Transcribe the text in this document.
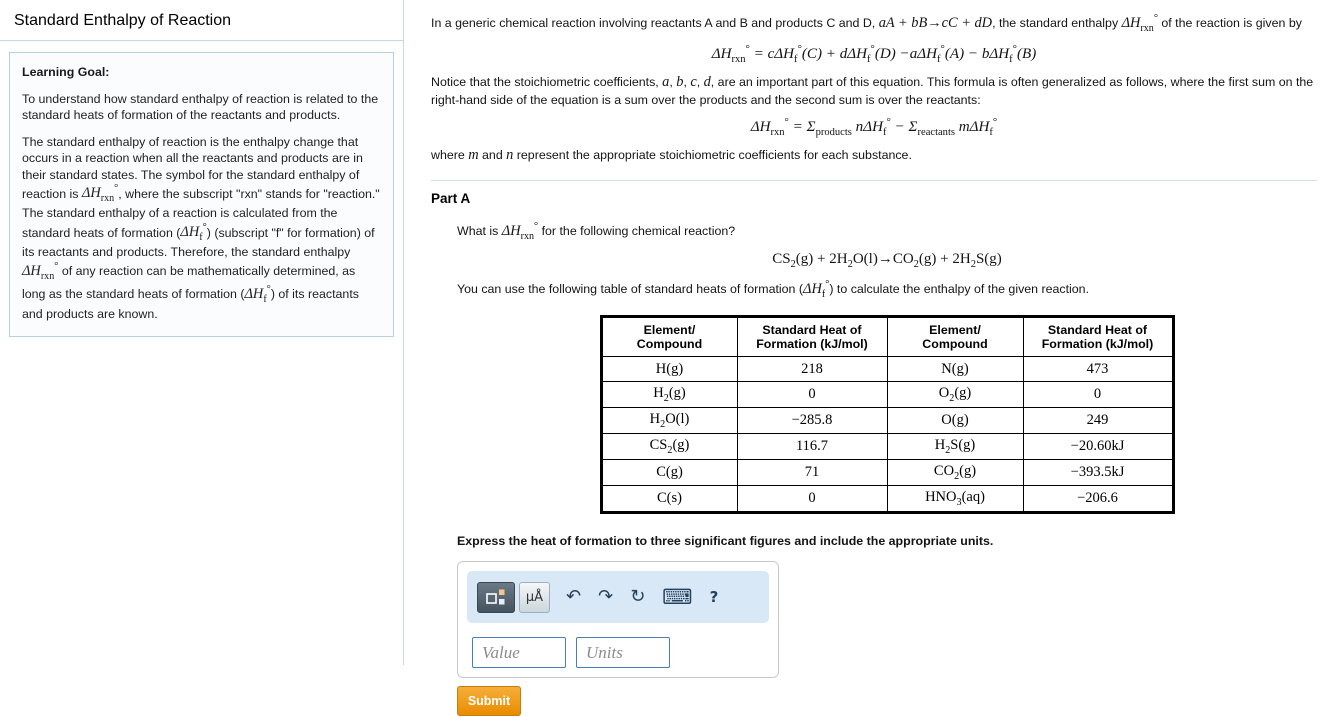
Standard Enthalpy of Reaction
Learning Goal:

To understand how standard enthalpy of reaction is related to the standard heats of formation of the reactants and products.

The standard enthalpy of reaction is the enthalpy change that occurs in a reaction when all the reactants and products are in their standard states. The symbol for the standard enthalpy of reaction is $\Delta H_{rxn}^\circ$, where the subscript "rxn" stands for "reaction." The standard enthalpy of a reaction is calculated from the standard heats of formation $(\Delta H_f^\circ)$ (subscript "f" for formation) of its reactants and products. Therefore, the standard enthalpy $\Delta H_{rxn}^\circ$ of any reaction can be mathematically determined, as long as the standard heats of formation $(\Delta H_f^\circ)$ of its reactants and products are known.

In a generic chemical reaction involving reactants A and B and products C and D, aA + bB→cC + dD, the standard enthalpy $\Delta H_{rxn}^\circ$ of the reaction is given by

$\Delta H_{rxn}^\circ = c\Delta H_f^\circ(C) + d\Delta H_f^\circ(D) -a\Delta H_f^\circ(A) - b\Delta H_f^\circ(B)$

Notice that the stoichiometric coefficients, a, b, c, d, are an important part of this equation. This formula is often generalized as follows, where the first sum on the right-hand side of the equation is a sum over the products and the second sum is over the reactants:

$\Delta H_{rxn}^\circ = \Sigma_{products}$ $n\Delta H_f^\circ - \Sigma_{reactants}$ mΔH$_f$°

where m and n represent the appropriate stoichiometric coefficients for each substance.

Part A

What is $\Delta H_{rxn}^\circ$ for the following chemical reaction?

$CS_2(g) + 2H_2O(l)\to CO_2(g) + 2H_2S(g)$

You can use the following table of standard heats of formation $(\Delta H_f^\circ)$ to calculate the enthalpy of the given reaction.

Element/ Compound	Standard Heat of Formation (kJ/mol)	Element/ Compound	Standard Heat of Formation (kJ/mol)
H(g)	218	N(g)	473
$H_2(g)$	0	$O_2(g)$	0
$H_2O(l)$	−285.8	O(g)	249
$CS_2(g)$	116.7	$H_2S(g)$	−20.60kJ
C(g)	71	$CO_2(g)$	−393.5kJ
C(s)	0	$HNO_3(aq)$	−206.6

Express the heat of formation to three significant figures and include the appropriate units.

µÅ	↶ ↷ ↻ ⌨ ?
Value
Units
Submit
